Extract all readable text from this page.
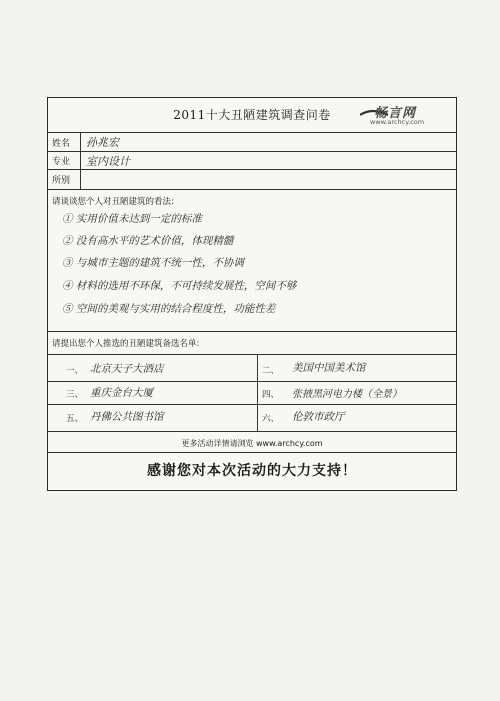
2011十大丑陋建筑调查问卷	畅言网
www.archcy.com
姓名 孙兆宏
专业 室内设计
所别
请谈谈您个人对丑陋建筑的看法:
① 实用价值未达到一定的标准
② 没有高水平的艺术价值，体现精髓
③ 与城市主题的建筑不统一性，不协调
④ 材料的选用不环保，不可持续发展性，空间不够
⑤ 空间的美观与实用的结合程度性，功能性差
请提出您个人推选的丑陋建筑备选名单:
一、 北京天子大酒店	二、 美国中国美术馆
三、 重庆金台大厦	四、 张掖黑河电力楼（全景）
五、 丹佛公共图书馆	六、 伦敦市政厅
更多活动详情请浏览 www.archcy.com
感谢您对本次活动的大力支持！
